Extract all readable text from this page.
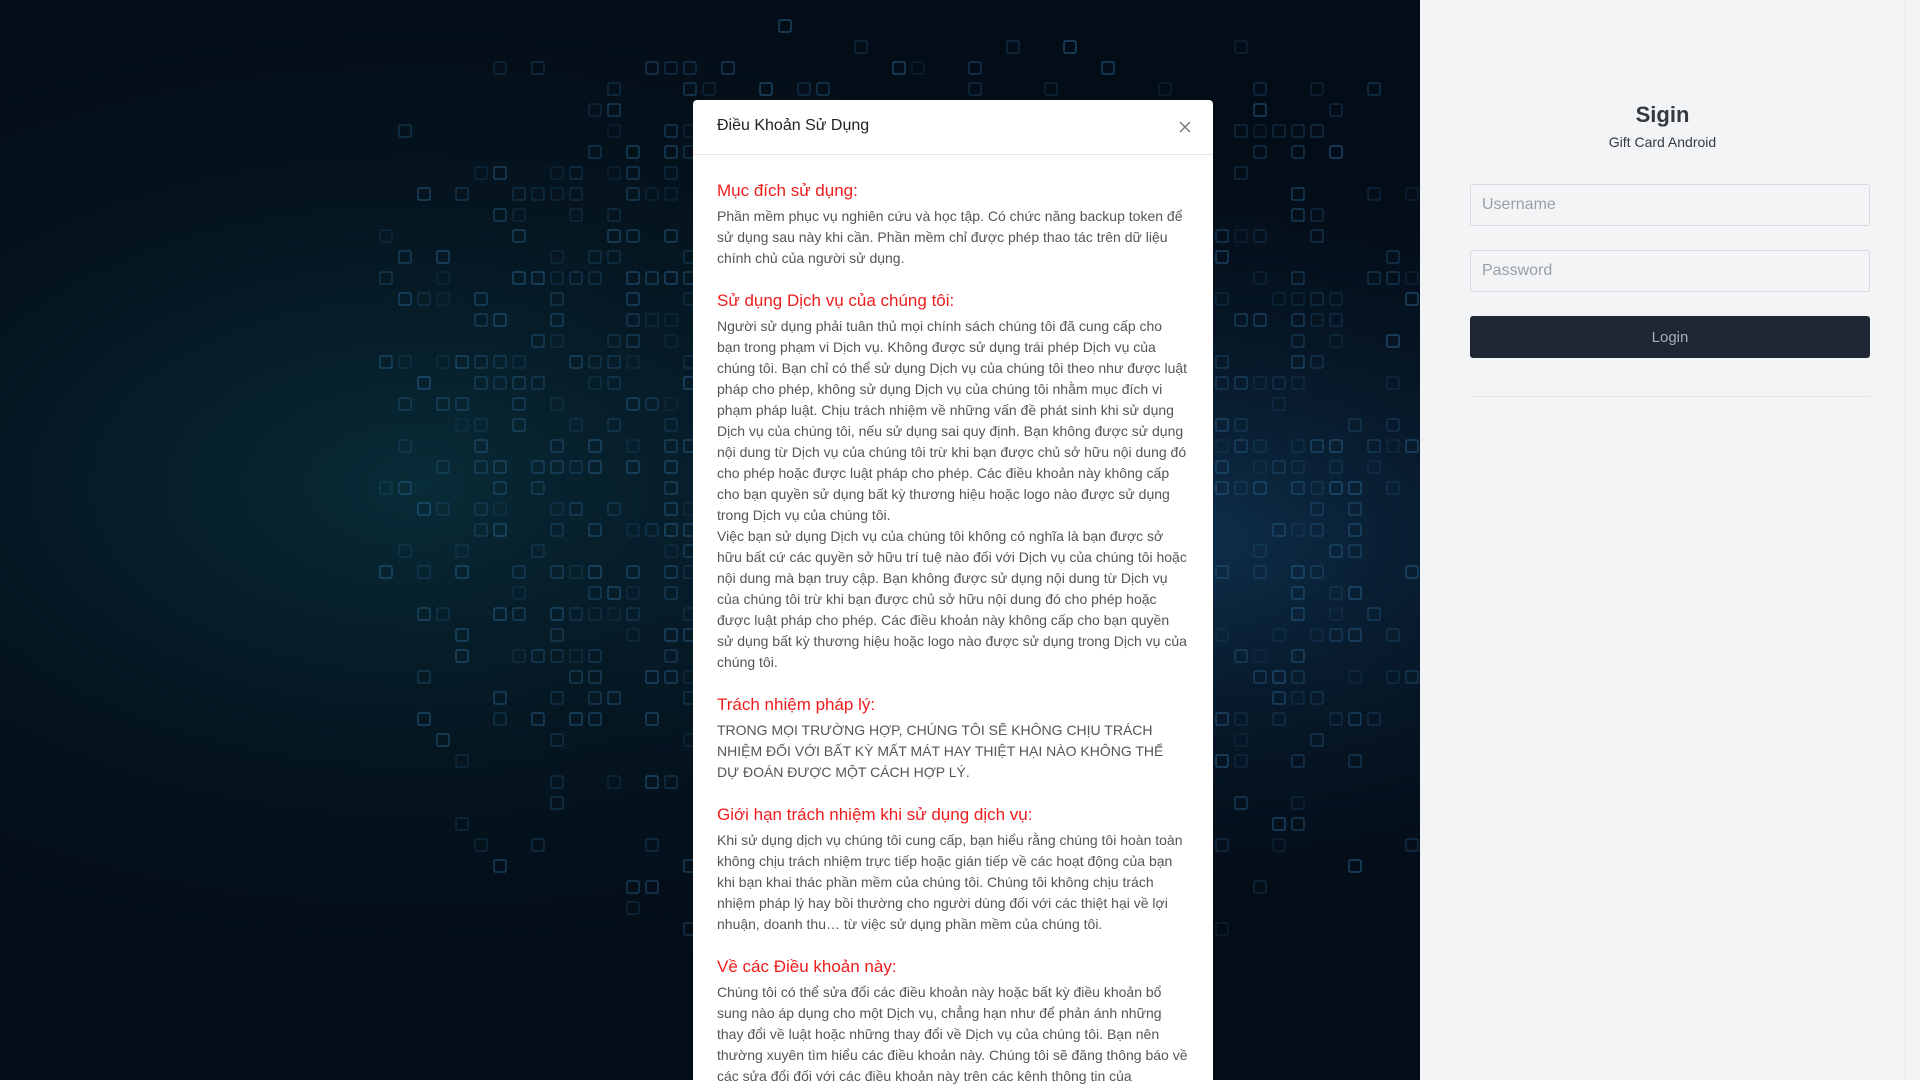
Sigin
Gift Card Android
Username
Login
Điều Khoản Sử Dụng
Mục đích sử dụng:

Phần mềm phục vụ nghiên cứu và học tập. Có chức năng backup token để sử dụng sau này khi cần. Phần mềm chỉ được phép thao tác trên dữ liệu chính chủ của người sử dụng.

Sử dụng Dịch vụ của chúng tôi:

Người sử dụng phải tuân thủ mọi chính sách chúng tôi đã cung cấp cho bạn trong phạm vi Dịch vụ. Không được sử dụng trái phép Dịch vụ của chúng tôi. Bạn chỉ có thể sử dụng Dịch vụ của chúng tôi theo như được luật pháp cho phép, không sử dụng Dịch vụ của chúng tôi nhằm mục đích vi phạm pháp luật. Chịu trách nhiệm về những vấn đề phát sinh khi sử dụng Dịch vụ của chúng tôi, nếu sử dụng sai quy định. Bạn không được sử dụng nội dung từ Dịch vụ của chúng tôi trừ khi bạn được chủ sở hữu nội dung đó cho phép hoặc được luật pháp cho phép. Các điều khoản này không cấp cho bạn quyền sử dụng bất kỳ thương hiệu hoặc logo nào được sử dụng trong Dịch vụ của chúng tôi.

Việc bạn sử dụng Dịch vụ của chúng tôi không có nghĩa là bạn được sở hữu bất cứ các quyền sở hữu trí tuệ nào đối với Dịch vụ của chúng tôi hoặc nội dung mà bạn truy cập. Bạn không được sử dụng nội dung từ Dịch vụ của chúng tôi trừ khi bạn được chủ sở hữu nội dung đó cho phép hoặc được luật pháp cho phép. Các điều khoản này không cấp cho bạn quyền sử dụng bất kỳ thương hiệu hoặc logo nào được sử dụng trong Dịch vụ của chúng tôi.

Trách nhiệm pháp lý:

TRONG MỌI TRƯỜNG HỢP, CHÚNG TÔI SẼ KHÔNG CHỊU TRÁCH NHIỆM ĐỐI VỚI BẤT KỲ MẤT MÁT HAY THIỆT HẠI NÀO KHÔNG THỂ DỰ ĐOÁN ĐƯỢC MỘT CÁCH HỢP LÝ.

Giới hạn trách nhiệm khi sử dụng dịch vụ:

Khi sử dụng dịch vụ chúng tôi cung cấp, bạn hiểu rằng chúng tôi hoàn toàn không chịu trách nhiệm trực tiếp hoặc gián tiếp về các hoạt động của bạn khi bạn khai thác phần mềm của chúng tôi. Chúng tôi không chịu trách nhiệm pháp lý hay bồi thường cho người dùng đối với các thiệt hại về lợi nhuận, doanh thu… từ việc sử dụng phần mềm của chúng tôi.

Về các Điều khoản này:

Chúng tôi có thể sửa đổi các điều khoản này hoặc bất kỳ điều khoản bổ sung nào áp dụng cho một Dịch vụ, chẳng hạn như để phản ánh những thay đổi về luật hoặc những thay đổi về Dịch vụ của chúng tôi. Bạn nên thường xuyên tìm hiểu các điều khoản này. Chúng tôi sẽ đăng thông báo về các sửa đổi đối với các điều khoản này trên các kênh thông tin của
